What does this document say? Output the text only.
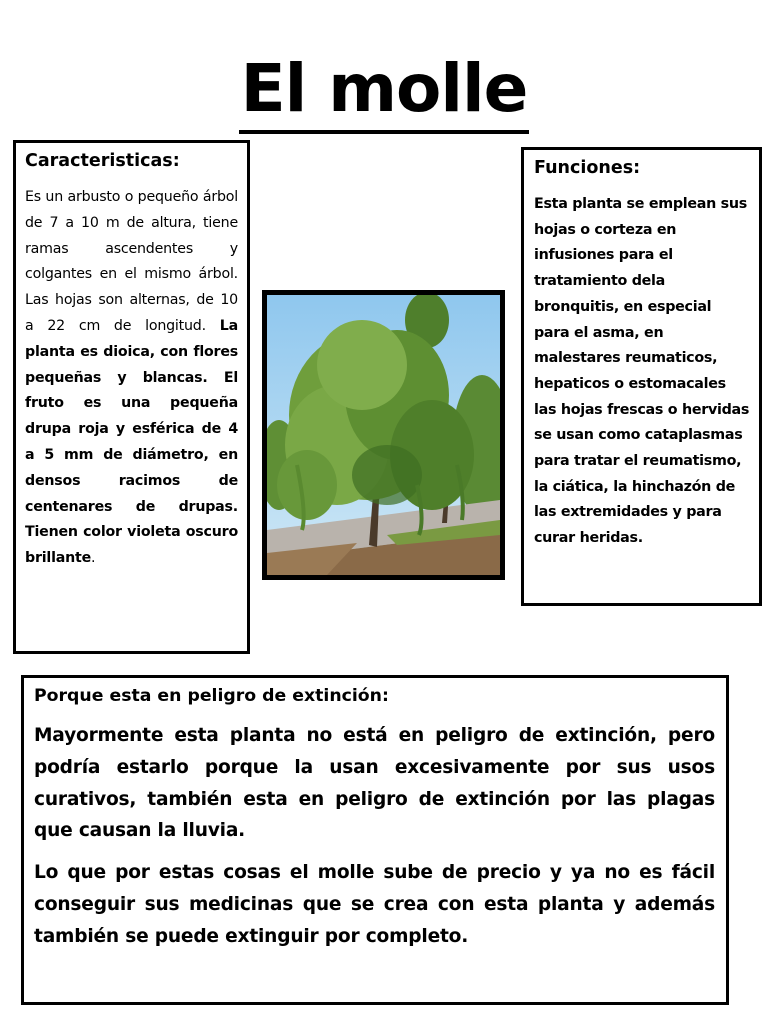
El molle
Caracteristicas:

Es un arbusto o pequeño árbol de 7 a 10 m de altura, tiene ramas ascendentes y colgantes en el mismo árbol. Las hojas son alternas, de 10 a 22 cm de longitud. La planta es dioica, con flores pequeñas y blancas. El fruto es una pequeña drupa roja y esférica de 4 a 5 mm de diámetro, en densos racimos de centenares de drupas. Tienen color violeta oscuro brillante.

Funciones:

Esta planta se emplean sus hojas o corteza en infusiones para el tratamiento dela bronquitis, en especial para el asma, en malestares reumaticos, hepaticos o estomacales las hojas frescas o hervidas se usan como cataplasmas para tratar el reumatismo, la ciática, la hinchazón de las extremidades y para curar heridas.

Porque esta en peligro de extinción:

Mayormente esta planta no está en peligro de extinción, pero podría estarlo porque la usan excesivamente por sus usos curativos, también esta en peligro de extinción por las plagas que causan la lluvia.

Lo que por estas cosas el molle sube de precio y ya no es fácil conseguir sus medicinas que se crea con esta planta y además también se puede extinguir por completo.
